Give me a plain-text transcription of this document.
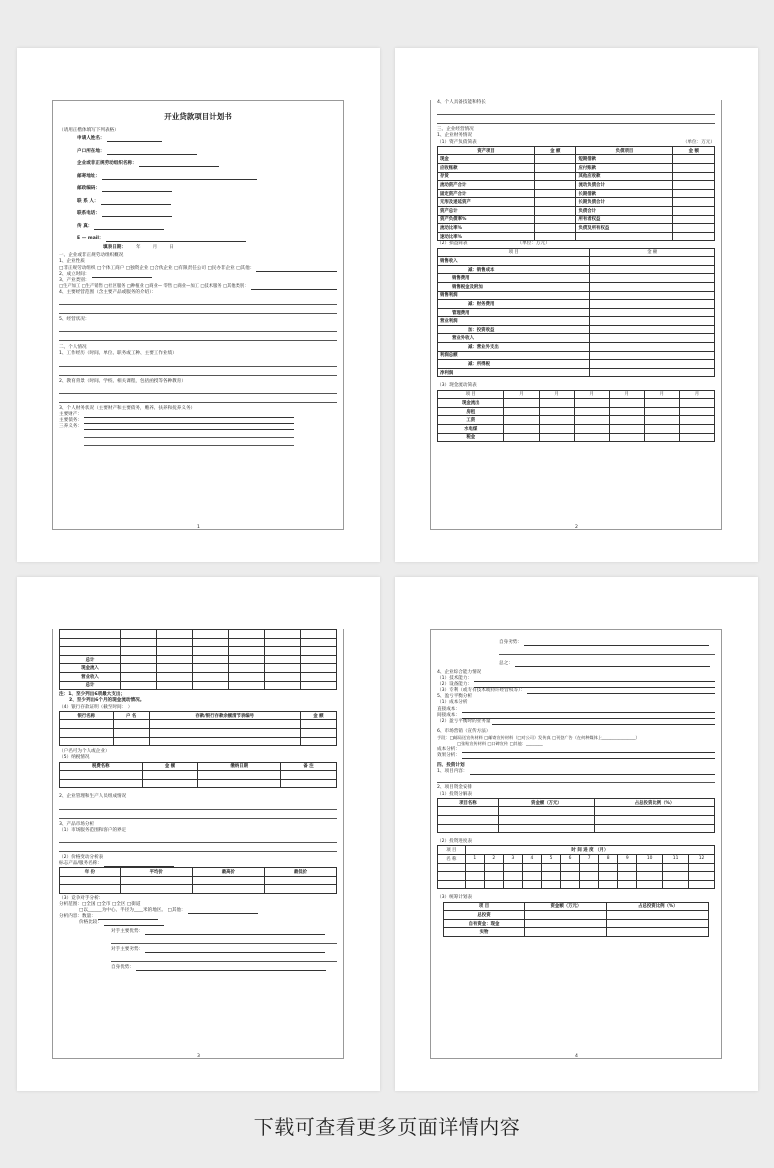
开业贷款项目计划书
（请用正楷体填写下列表格）
申请人姓名：
户口所在地：
企业或非正规劳动组织名称：
邮寄地址：
邮政编码：
联 系 人：
联系电话：
传 真：
E — mail：
填表日期： 年	月	日
一、企业或非正规劳动组织概况
1、企业性质
□非正规劳动组织 □个体工商户 □独资企业 □合伙企业 □有限责任公司 □民办非企业 □其他：
2、成立时间：
3、产业类别：
□生产加工 □生产销售 □社区服务 □种植业 □商业— 零售 □商业—加工 □技术服务 □其他类别：
4、主要经营范围（含主要产品或服务的介绍）：
5、经营状况：
二、个人情况
1、工作经历（时间、单位、职务或工种、主要工作业绩）
2、教育背景（时间、学校、相关课程，包括函授等各种教育）
3、个人财务状况（主要财产和主要债务，赡养、扶养和抚养义务）
主要财产：
主要债务：
三养义务：
1
4、个人具备技能和特长
三、企业经营情况
1、企业财务情况
（1）资产负债简表	（单位：万元）
资产项目	金 额	负债项目	金 额
现金		短期借款	
应收账款		应付账款	
存货		其他应收款	
流动资产合计		流动负债合计	
固定资产合计		长期借款	
无形及递延资产		长期负债合计	
资产总计		负债合计	
资产负债率%		所有者权益	
流动比率%		负债及所有权益	
速动比率%			
（2）损益简表	（单位：万元）
项 目	金 额
销售收入	
减：销售成本	
销售费用	
销售税金及附加	
销售利润	
减：财务费用	
管理费用	
营业利润	
加：投资收益	
营业外收入	
减：营业外支出	
利润总额	
减：所得税	
净利润	
（3）现金流动简表
项 目	月	月	月	月	月	月
现金流出						
房租						
工资						
水电煤						
税金						
2

总计						
现金流入						
营业收入						
总计						
注：1、至少列出6项最大支出；
2、至少列出6个月的现金流动情况。
（4）银行存款证明（截至时间： ）
银行名称	户 名	存款/银行存款余额清节表编号	金 额

（户名可为个人或企业）
（5）纳税情况
税费名称	金 额	缴纳日期	备 注

2、企业管理和生产人员组成情况
3、产品市场分析
（1）市场服务范围和客户的界定
（2）价格变动分析表
标志产品/服务名称：
年 份	平均价	最高价	最低价

（3）竞争对手分析：
分析范围：□全国 □全市 □全区 □街道
□以______为中心、半径为____米的地区。 □其他：
分析内容：数量：
价格比较：
对手主要优势：
对手主要劣势：
自身优势：
3
自身劣势：
总之：
4、企业综合能力情况
（1）技术能力：
（2）设备能力：
（3）专利（或专有技术或特许经营权等）：
5、盈亏平衡分析
（1）成本分析
直接成本：
间接成本：
（2）盈亏平衡时的业务量
6、市场营销（宣传方法）
手段：□邮局送宣传材料 □邮寄宣传材料（□对公司）发传真 □刊登广告（在何种媒体上________________）
□张贴宣传材料 □口碑宣传 □其他：________
成本分析：
效果分析：
四、投资计划
1、项目内容：
2、项目资金安排
（1）投资分解表
项目名称	资金额（万元）	占总投资比例（%）

（2）投资进度表
项 目	时 间 进 度 （月）											
名 称	1	2	3	4	5	6	7	8	9	10	11	12

（3）统筹计划表
项 目	资金额（万元）	占总投资比例（%）
总投资		
自有资金：现金		
实物		
4
下载可查看更多页面详情内容
